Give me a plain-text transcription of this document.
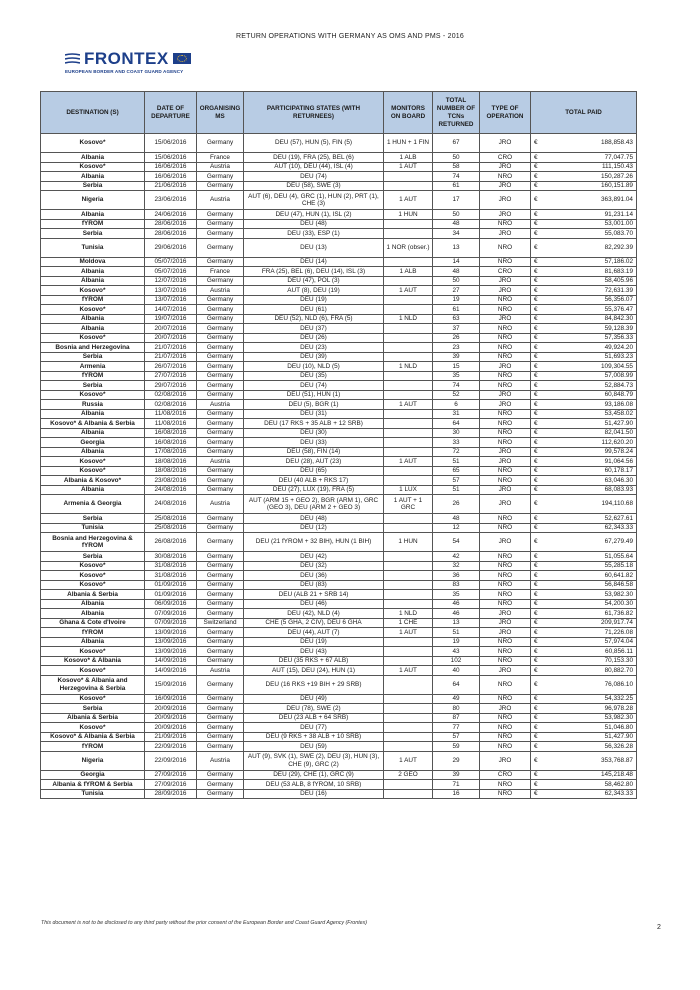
RETURN OPERATIONS WITH GERMANY AS OMS AND PMS - 2016
FRONTEX
EUROPEAN BORDER AND COAST GUARD AGENCY
DESTINATION (S)	DATE OF DEPARTURE	ORGANISING MS	PARTICIPATING STATES (WITH RETURNEES)	MONITORS ON BOARD	TOTAL NUMBER OF TCNs RETURNED	TYPE OF OPERATION	TOTAL PAID	
Kosovo*	15/06/2016	Germany	DEU (57), HUN (5), FIN (5)	1 HUN + 1 FIN	67	JRO	€	188,858.43
Albania	15/06/2016	France	DEU (19), FRA (25), BEL (6)	1 ALB	50	CRO	€	77,047.75
Kosovo*	16/06/2016	Austria	AUT (10), DEU (44), ISL (4)	1 AUT	58	JRO	€	111,150.43
Albania	16/06/2016	Germany	DEU (74)		74	NRO	€	150,287.26
Serbia	21/06/2016	Germany	DEU (58), SWE (3)		61	JRO	€	160,151.89
Nigeria	23/06/2016	Austria	AUT (6), DEU (4), GRC (1), HUN (2), PRT (1), CHE (3)	1 AUT	17	JRO	€	363,891.04
Albania	24/06/2016	Germany	DEU (47), HUN (1), ISL (2)	1 HUN	50	JRO	€	91,231.14
fYROM	28/06/2016	Germany	DEU (48)		48	NRO	€	53,001.00
Serbia	28/06/2016	Germany	DEU (33), ESP (1)		34	JRO	€	55,083.70
Tunisia	29/06/2016	Germany	DEU (13)	1 NOR (obser.)	13	NRO	€	82,292.39
Moldova	05/07/2016	Germany	DEU (14)		14	NRO	€	57,186.02
Albania	05/07/2016	France	FRA (25), BEL (6), DEU (14), ISL (3)	1 ALB	48	CRO	€	81,683.19
Albania	12/07/2016	Germany	DEU (47), POL (3)		50	JRO	€	58,405.96
Kosovo*	13/07/2016	Austria	AUT (8), DEU (19)	1 AUT	27	JRO	€	72,631.39
fYROM	13/07/2016	Germany	DEU (19)		19	NRO	€	56,356.07
Kosovo*	14/07/2016	Germany	DEU (61)		61	NRO	€	55,376.47
Albania	19/07/2016	Germany	DEU (52), NLD (6), FRA (5)	1 NLD	63	JRO	€	84,842.30
Albania	20/07/2016	Germany	DEU (37)		37	NRO	€	59,128.39
Kosovo*	20/07/2016	Germany	DEU (26)		26	NRO	€	57,356.33
Bosnia and Herzegovina	21/07/2016	Germany	DEU (23)		23	NRO	€	49,924.20
Serbia	21/07/2016	Germany	DEU (39)		39	NRO	€	51,693.23
Armenia	26/07/2016	Germany	DEU (10), NLD (5)	1 NLD	15	JRO	€	109,304.55
fYROM	27/07/2016	Germany	DEU (35)		35	NRO	€	57,008.99
Serbia	29/07/2016	Germany	DEU (74)		74	NRO	€	52,884.73
Kosovo*	02/08/2016	Germany	DEU (51), HUN (1)		52	JRO	€	60,848.79
Russia	02/08/2016	Austria	DEU (5), BGR (1)	1 AUT	6	JRO	€	93,186.08
Albania	11/08/2016	Germany	DEU (31)		31	NRO	€	53,458.02
Kosovo* & Albania & Serbia	11/08/2016	Germany	DEU (17 RKS + 35 ALB + 12 SRB)		64	NRO	€	51,427.90
Albania	16/08/2016	Germany	DEU (30)		30	NRO	€	82,041.50
Georgia	16/08/2016	Germany	DEU (33)		33	NRO	€	112,620.20
Albania	17/08/2016	Germany	DEU (58), FIN (14)		72	JRO	€	99,578.24
Kosovo*	18/08/2016	Austria	DEU (28), AUT (23)	1 AUT	51	JRO	€	91,064.56
Kosovo*	18/08/2016	Germany	DEU (65)		65	NRO	€	60,178.17
Albania & Kosovo*	23/08/2016	Germany	DEU (40 ALB + RKS 17)		57	NRO	€	63,046.30
Albania	24/08/2016	Germany	DEU (27), LUX (19), FRA (5)	1 LUX	51	JRO	€	68,083.93
Armenia & Georgia	24/08/2016	Austria	AUT (ARM 15 + GEO 2), BGR (ARM 1), GRC (GEO 3), DEU (ARM 2 + GEO 3)	1 AUT + 1 GRC	26	JRO	€	194,110.68
Serbia	25/08/2016	Germany	DEU (48)		48	NRO	€	52,627.61
Tunisia	25/08/2016	Germany	DEU (12)		12	NRO	€	62,343.33
Bosnia and Herzegovina & fYROM	26/08/2016	Germany	DEU (21 fYROM + 32 BIH), HUN (1 BIH)	1 HUN	54	JRO	€	67,279.49
Serbia	30/08/2016	Germany	DEU (42)		42	NRO	€	51,055.64
Kosovo*	31/08/2016	Germany	DEU (32)		32	NRO	€	55,285.18
Kosovo*	31/08/2016	Germany	DEU (36)		36	NRO	€	60,641.82
Kosovo*	01/09/2016	Germany	DEU (83)		83	NRO	€	56,846.58
Albania & Serbia	01/09/2016	Germany	DEU (ALB 21 + SRB 14)		35	NRO	€	53,982.30
Albania	06/09/2016	Germany	DEU (46)		46	NRO	€	54,200.30
Albania	07/09/2016	Germany	DEU (42), NLD (4)	1 NLD	46	JRO	€	61,736.82
Ghana & Cote d'Ivoire	07/09/2016	Switzerland	CHE (5 GHA, 2 CIV), DEU 6 GHA	1 CHE	13	JRO	€	209,917.74
fYROM	13/09/2016	Germany	DEU (44), AUT (7)	1 AUT	51	JRO	€	71,226.08
Albania	13/09/2016	Germany	DEU (19)		19	NRO	€	57,974.04
Kosovo*	13/09/2016	Germany	DEU (43)		43	NRO	€	60,856.11
Kosovo* & Albania	14/09/2016	Germany	DEU (35 RKS + 67 ALB)		102	NRO	€	70,153.30
Kosovo*	14/09/2016	Austria	AUT (15), DEU (24), HUN (1)	1 AUT	40	JRO	€	80,882.70
Kosovo* & Albania and Herzegovina & Serbia	15/09/2016	Germany	DEU (16 RKS +19 BIH + 29 SRB)		64	NRO	€	76,086.10
Kosovo*	16/09/2016	Germany	DEU (49)		49	NRO	€	54,332.25
Serbia	20/09/2016	Germany	DEU (78), SWE (2)		80	JRO	€	96,978.28
Albania & Serbia	20/09/2016	Germany	DEU (23 ALB + 64 SRB)		87	NRO	€	53,982.30
Kosovo*	20/09/2016	Germany	DEU (77)		77	NRO	€	51,046.80
Kosovo* & Albania & Serbia	21/09/2016	Germany	DEU (9 RKS + 38 ALB + 10 SRB)		57	NRO	€	51,427.90
fYROM	22/09/2016	Germany	DEU (59)		59	NRO	€	56,326.28
Nigeria	22/09/2016	Austria	AUT (9), SVK (1), SWE (2), DEU (3), HUN (3), CHE (9), GRC (2)	1 AUT	29	JRO	€	353,768.87
Georgia	27/09/2016	Germany	DEU (29), CHE (1), GRC (9)	2 GEO	39	CRO	€	145,218.48
Albania & fYROM & Serbia	27/09/2016	Germany	DEU (53 ALB, 8 fYROM, 10 SRB)		71	NRO	€	58,462.80
Tunisia	28/09/2016	Germany	DEU (16)		16	NRO	€	62,343.33
This document is not to be disclosed to any third party without the prior consent of the European Border and Coast Guard Agency (Frontex)
2
